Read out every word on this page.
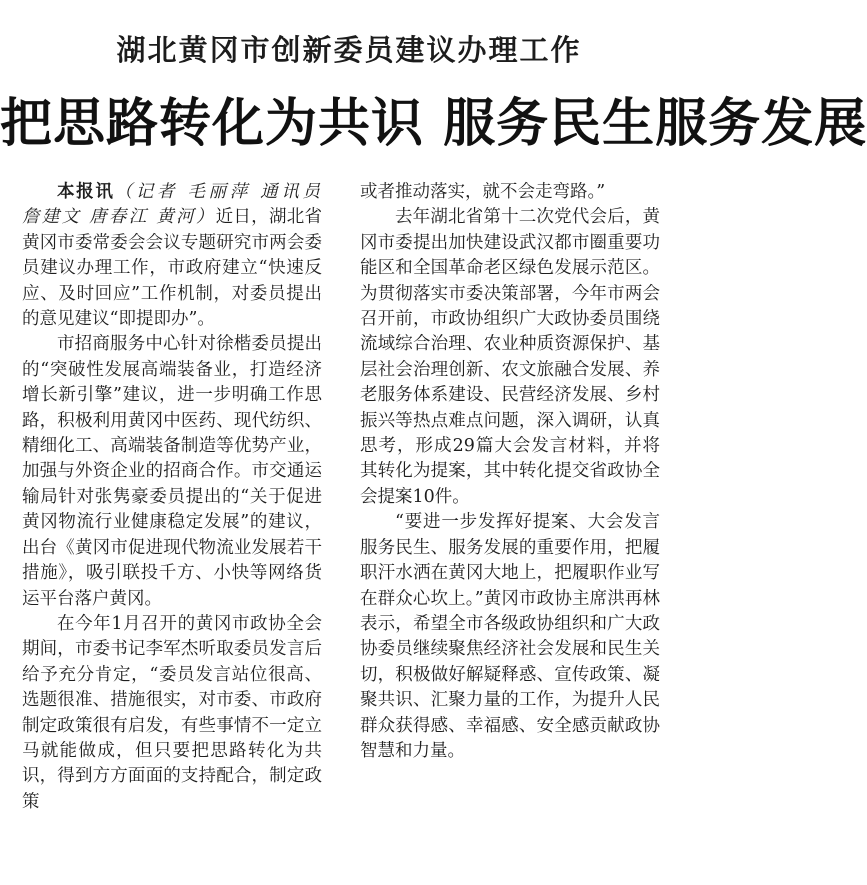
湖北黄冈市创新委员建议办理工作
把思路转化为共识 服务民生服务发展

本报讯（记者 毛丽萍 通讯员 詹建文 唐春江 黄河）近日，湖北省黄冈市委常委会会议专题研究市两会委员建议办理工作，市政府建立“快速反应、及时回应”工作机制，对委员提出的意见建议“即提即办”。

市招商服务中心针对徐楷委员提出的“突破性发展高端装备业，打造经济增长新引擎”建议，进一步明确工作思路，积极利用黄冈中医药、现代纺织、精细化工、高端装备制造等优势产业，加强与外资企业的招商合作。市交通运输局针对张隽豪委员提出的“关于促进黄冈物流行业健康稳定发展”的建议，出台《黄冈市促进现代物流业发展若干措施》，吸引联投千方、小快等网络货运平台落户黄冈。

在今年1月召开的黄冈市政协全会期间，市委书记李军杰听取委员发言后给予充分肯定，“委员发言站位很高、选题很准、措施很实，对市委、市政府制定政策很有启发，有些事情不一定立马就能做成，但只要把思路转化为共识，得到方方面面的支持配合，制定政策

或者推动落实，就不会走弯路。”

去年湖北省第十二次党代会后，黄冈市委提出加快建设武汉都市圈重要功能区和全国革命老区绿色发展示范区。为贯彻落实市委决策部署，今年市两会召开前，市政协组织广大政协委员围绕流域综合治理、农业种质资源保护、基层社会治理创新、农文旅融合发展、养老服务体系建设、民营经济发展、乡村振兴等热点难点问题，深入调研，认真思考，形成29篇大会发言材料，并将其转化为提案，其中转化提交省政协全会提案10件。

“要进一步发挥好提案、大会发言服务民生、服务发展的重要作用，把履职汗水洒在黄冈大地上，把履职作业写在群众心坎上。”黄冈市政协主席洪再林表示，希望全市各级政协组织和广大政协委员继续聚焦经济社会发展和民生关切，积极做好解疑释惑、宣传政策、凝聚共识、汇聚力量的工作，为提升人民群众获得感、幸福感、安全感贡献政协智慧和力量。
